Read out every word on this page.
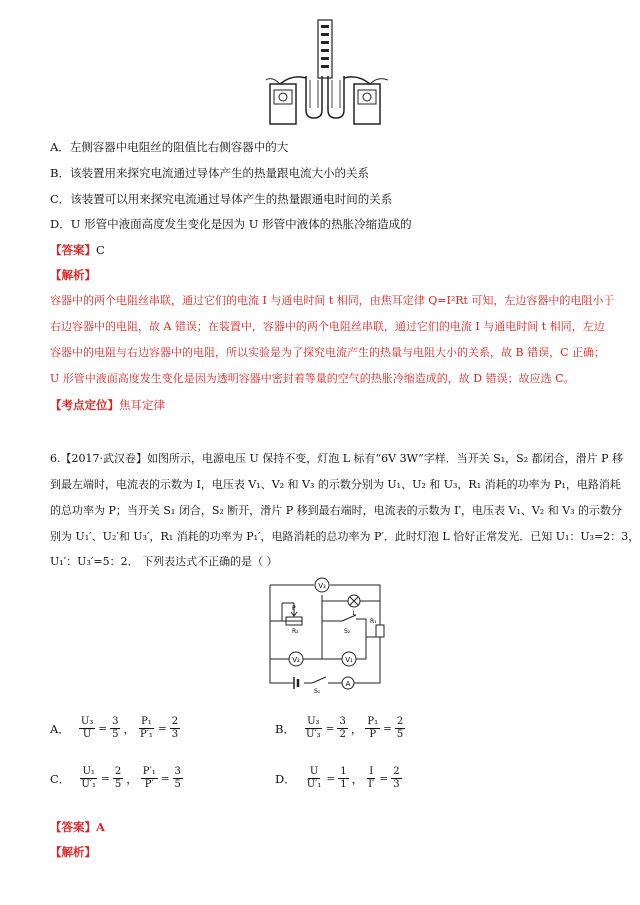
A．左侧容器中电阻丝的阻值比右侧容器中的大
B．该装置用来探究电流通过导体产生的热量跟电流大小的关系
C．该装置可以用来探究电流通过导体产生的热量跟通电时间的关系
D．U 形管中液面高度发生变化是因为 U 形管中液体的热胀冷缩造成的
【答案】C
【解析】
容器中的两个电阻丝串联，通过它们的电流 I 与通电时间 t 相同，由焦耳定律 Q=I²Rt 可知，左边容器中的电阻小于
右边容器中的电阻，故 A 错误；在装置中，容器中的两个电阻丝串联，通过它们的电流 I 与通电时间 t 相同，左边
容器中的电阻与右边容器中的电阻，所以实验是为了探究电流产生的热量与电阻大小的关系，故 B 错误，C 正确；
U 形管中液面高度发生变化是因为透明容器中密封着等量的空气的热胀冷缩造成的，故 D 错误；故应选 C。
【考点定位】焦耳定律
6.【2017·武汉卷】如图所示，电源电压 U 保持不变，灯泡 L 标有“6V 3W”字样．当开关 S₁，S₂ 都闭合，滑片 P 移
到最左端时，电流表的示数为 I，电压表 V₁、V₂ 和 V₃ 的示数分别为 U₁、U₂ 和 U₃，R₁ 消耗的功率为 P₁，电路消耗
的总功率为 P；当开关 S₁ 闭合，S₂ 断开，滑片 P 移到最右端时，电流表的示数为 I′，电压表 V₁、V₂ 和 V₃ 的示数分
别为 U₁′、U₂′和 U₃′，R₁ 消耗的功率为 P₁′，电路消耗的总功率为 P′．此时灯泡 L 恰好正常发光．已知 U₁：U₃=2：3，
U₁′：U₃′=5：2． 下列表达式不正确的是（ ）
V₃
L
V₂	V₁
A
P
R₂	S₂
R₁
S₁
A． $\frac{\text{U₃}}{U} = \frac{3}{5}$ ， $\frac{\text{P₁}}{\text{P′₁}} = \frac{2}{3}$	B． $\frac{\text{U₃}}{\text{U′₃}} = \frac{3}{2}$ ， $\frac{\text{P₁}}{P} = \frac{2}{5}$
C． $\frac{\text{U₁}}{\text{U′₁}} = \frac{2}{5}$ ， $\frac{\text{P′₁}}{P'} = \frac{3}{5}$	D． $\frac{U}{\text{U′₁}} = \frac{1}{1}$ ， $\frac{I}{I'} = \frac{2}{3}$
【答案】A
【解析】
